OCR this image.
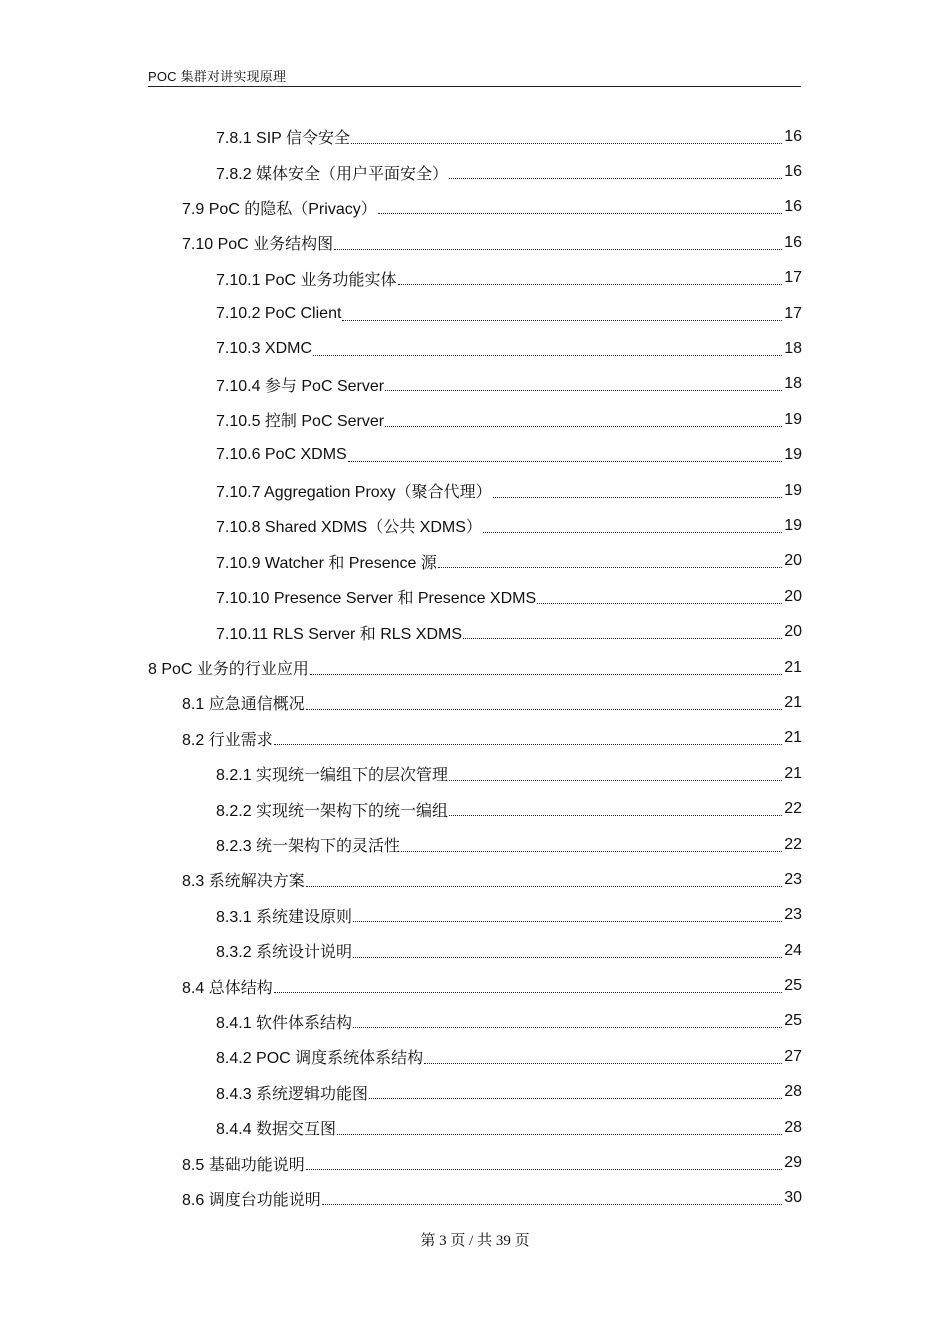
POC 集群对讲实现原理
7.8.1 SIP 信令安全	16
7.8.2 媒体安全（用户平面安全）	16
7.9 PoC 的隐私（Privacy）	16
7.10 PoC 业务结构图	16
7.10.1 PoC 业务功能实体	17
7.10.2 PoC Client	17
7.10.3 XDMC	18
7.10.4 参与 PoC Server	18
7.10.5 控制 PoC Server	19
7.10.6 PoC XDMS	19
7.10.7 Aggregation Proxy（聚合代理）	19
7.10.8 Shared XDMS（公共 XDMS）	19
7.10.9 Watcher 和 Presence 源	20
7.10.10 Presence Server 和 Presence XDMS	20
7.10.11 RLS Server 和 RLS XDMS	20
8 PoC 业务的行业应用	21
8.1 应急通信概况	21
8.2 行业需求	21
8.2.1 实现统一编组下的层次管理	21
8.2.2 实现统一架构下的统一编组	22
8.2.3 统一架构下的灵活性	22
8.3 系统解决方案	23
8.3.1 系统建设原则	23
8.3.2 系统设计说明	24
8.4 总体结构	25
8.4.1 软件体系结构	25
8.4.2 POC 调度系统体系结构	27
8.4.3 系统逻辑功能图	28
8.4.4 数据交互图	28
8.5 基础功能说明	29
8.6 调度台功能说明	30
第 3 页 / 共 39 页
